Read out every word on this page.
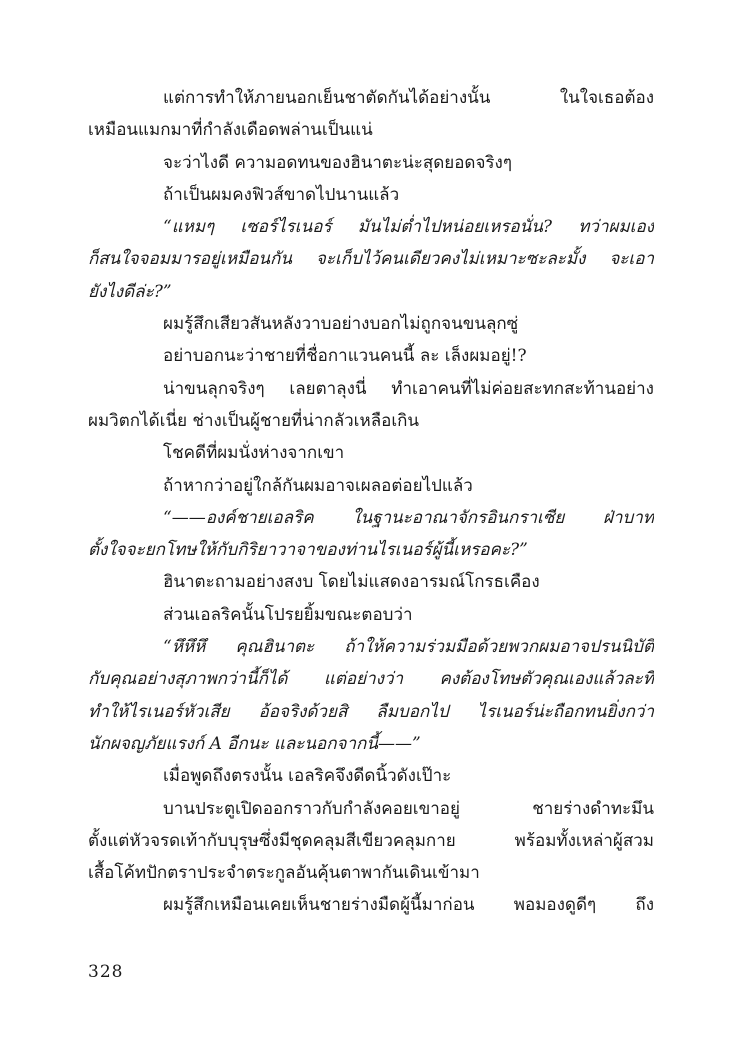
แต่การทำให้ภายนอกเย็นชาตัดกันได้อย่างนั้น ในใจเธอต้อง
เหมือนแมกมาที่กำลังเดือดพล่านเป็นแน่
จะว่าไงดี ความอดทนของฮินาตะน่ะสุดยอดจริงๆ
ถ้าเป็นผมคงฟิวส์ขาดไปนานแล้ว
“แหมๆ เซอร์ไรเนอร์ มันไม่ต่ำไปหน่อยเหรอนั่น? ทว่าผมเอง
ก็สนใจจอมมารอยู่เหมือนกัน จะเก็บไว้คนเดียวคงไม่เหมาะซะละมั้ง จะเอา
ยังไงดีล่ะ?”
ผมรู้สึกเสียวสันหลังวาบอย่างบอกไม่ถูกจนขนลุกซู่
อย่าบอกนะว่าชายที่ชื่อกาแวนคนนี้ ละ เล็งผมอยู่!?
น่าขนลุกจริงๆ เลยตาลุงนี่ ทำเอาคนที่ไม่ค่อยสะทกสะท้านอย่าง
ผมวิตกได้เนี่ย ช่างเป็นผู้ชายที่น่ากลัวเหลือเกิน
โชคดีที่ผมนั่งห่างจากเขา
ถ้าหากว่าอยู่ใกล้กันผมอาจเผลอต่อยไปแล้ว
“——องค์ชายเอลริค ในฐานะอาณาจักรอินกราเซีย ฝ่าบาท
ตั้งใจจะยกโทษให้กับกิริยาวาจาของท่านไรเนอร์ผู้นี้เหรอคะ?”
ฮินาตะถามอย่างสงบ โดยไม่แสดงอารมณ์โกรธเคือง
ส่วนเอลริคนั้นโปรยยิ้มขณะตอบว่า
“หึหึหึ คุณฮินาตะ ถ้าให้ความร่วมมือด้วยพวกผมอาจปรนนิบัติ
กับคุณอย่างสุภาพกว่านี้ก็ได้ แต่อย่างว่า คงต้องโทษตัวคุณเองแล้วละที่
ทำให้ไรเนอร์หัวเสีย อ้อจริงด้วยสิ ลืมบอกไป ไรเนอร์น่ะถือกทนยิ่งกว่า
นักผจญภัยแรงก์ A อีกนะ และนอกจากนี้——”
เมื่อพูดถึงตรงนั้น เอลริคจึงดีดนิ้วดังเป๊าะ
บานประตูเปิดออกราวกับกำลังคอยเขาอยู่ ชายร่างดำทะมึน
ตั้งแต่หัวจรดเท้ากับบุรุษซึ่งมีชุดคลุมสีเขียวคลุมกาย พร้อมทั้งเหล่าผู้สวม
เสื้อโค้ทปักตราประจำตระกูลอันคุ้นตาพากันเดินเข้ามา
ผมรู้สึกเหมือนเคยเห็นชายร่างมืดผู้นี้มาก่อน พอมองดูดีๆ ถึง
328
